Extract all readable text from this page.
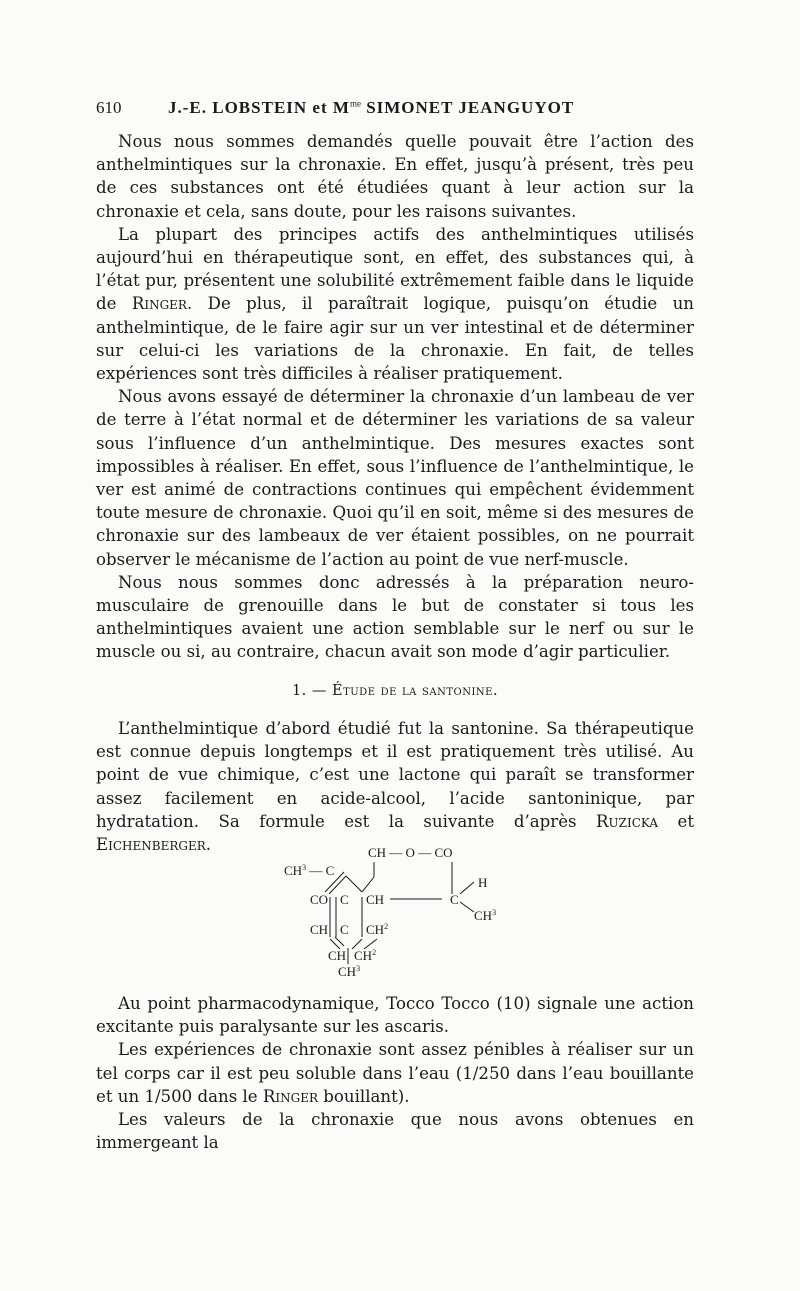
610	J.-E. LOBSTEIN et $M^{me}$ SIMONET JEANGUYOT

Nous nous sommes demandés quelle pouvait être l’action des anthelmintiques sur la chronaxie. En effet, jusqu’à présent, très peu de ces substances ont été étudiées quant à leur action sur la chronaxie et cela, sans doute, pour les raisons suivantes.

La plupart des principes actifs des anthelmintiques utilisés aujourd’hui en thérapeutique sont, en effet, des substances qui, à l’état pur, présentent une solubilité extrêmement faible dans le liquide de Ringer. De plus, il paraîtrait logique, puisqu’on étudie un anthelmintique, de le faire agir sur un ver intestinal et de déterminer sur celui-ci les variations de la chronaxie. En fait, de telles expériences sont très difficiles à réaliser pratiquement.

Nous avons essayé de déterminer la chronaxie d’un lambeau de ver de terre à l’état normal et de déterminer les variations de sa valeur sous l’influence d’un anthelmintique. Des mesures exactes sont impossibles à réaliser. En effet, sous l’influence de l’anthelmintique, le ver est animé de contractions continues qui empêchent évidemment toute mesure de chronaxie. Quoi qu’il en soit, même si des mesures de chronaxie sur des lambeaux de ver étaient possibles, on ne pourrait observer le mécanisme de l’action au point de vue nerf-muscle.

Nous nous sommes donc adressés à la préparation neuro-musculaire de grenouille dans le but de constater si tous les anthelmintiques avaient une action semblable sur le nerf ou sur le muscle ou si, au contraire, chacun avait son mode d’agir particulier.

1. — Étude de la santonine.

L’anthelmintique d’abord étudié fut la santonine. Sa thérapeutique est connue depuis longtemps et il est pratiquement très utilisé. Au point de vue chimique, c’est une lactone qui paraît se transformer assez facilement en acide-alcool, l’acide santoninique, par hydratation. Sa formule est la suivante d’après Ruzicka et Eichenberger.	CH — O — CO
$CH^3$ — C
CO C CH	C
H
$CH^3$
CH C $CH^2$
CH $CH^2$
$CH^3$

Au point pharmacodynamique, Tocco Tocco (10) signale une action excitante puis paralysante sur les ascaris.

Les expériences de chronaxie sont assez pénibles à réaliser sur un tel corps car il est peu soluble dans l’eau (1/250 dans l’eau bouillante et un 1/500 dans le Ringer bouillant).

Les valeurs de la chronaxie que nous avons obtenues en immergeant la
